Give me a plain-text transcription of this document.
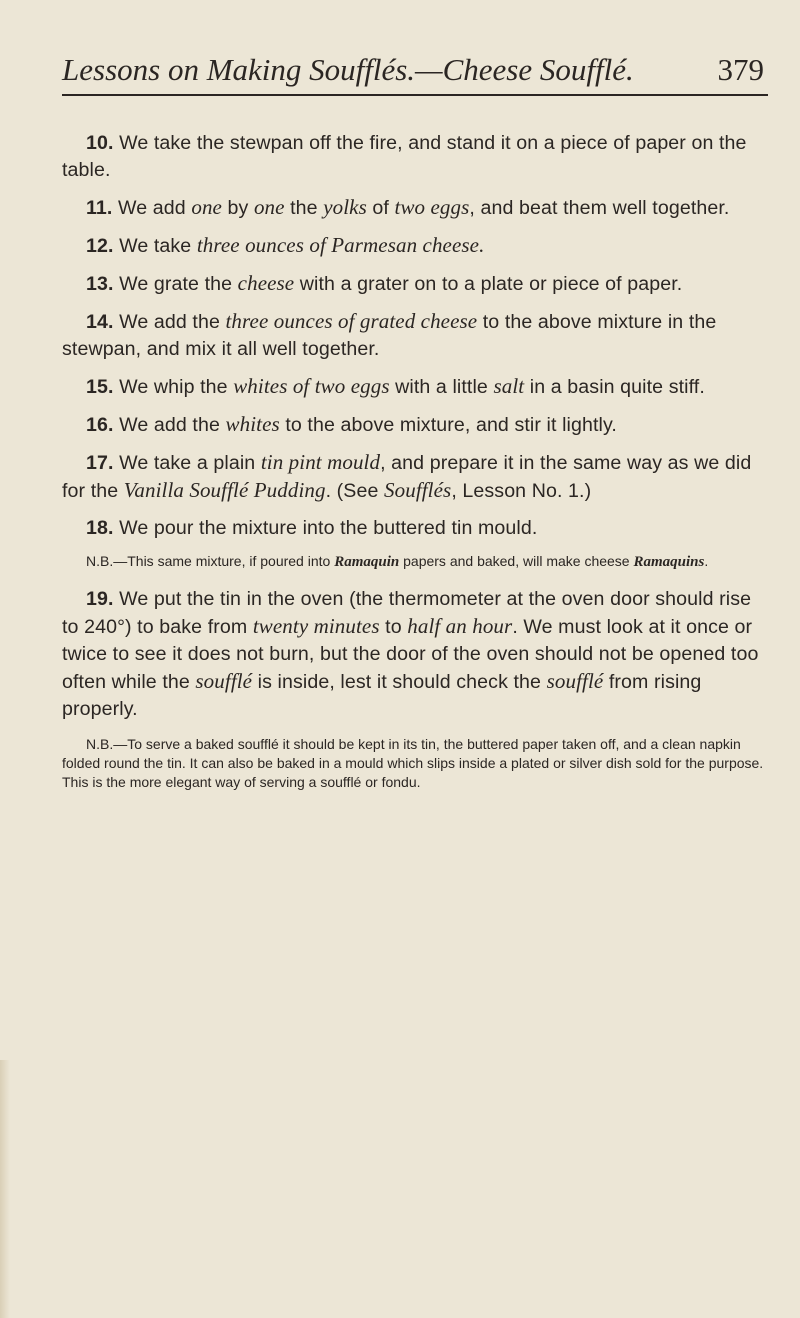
Lessons on Making Soufflés.—Cheese Soufflé.	379

10. We take the stewpan off the fire, and stand it on a piece of paper on the table.

11. We add one by one the yolks of two eggs, and beat them well together.

12. We take three ounces of Parmesan cheese.

13. We grate the cheese with a grater on to a plate or piece of paper.

14. We add the three ounces of grated cheese to the above mixture in the stewpan, and mix it all well together.

15. We whip the whites of two eggs with a little salt in a basin quite stiff.

16. We add the whites to the above mixture, and stir it lightly.

17. We take a plain tin pint mould, and prepare it in the same way as we did for the Vanilla Soufflé Pudding. (See Soufflés, Lesson No. 1.)

18. We pour the mixture into the buttered tin mould.

N.B.—This same mixture, if poured into Ramaquin papers and baked, will make cheese Ramaquins.

19. We put the tin in the oven (the thermometer at the oven door should rise to 240°) to bake from twenty minutes to half an hour. We must look at it once or twice to see it does not burn, but the door of the oven should not be opened too often while the soufflé is inside, lest it should check the soufflé from rising properly.

N.B.—To serve a baked soufflé it should be kept in its tin, the buttered paper taken off, and a clean napkin folded round the tin. It can also be baked in a mould which slips inside a plated or silver dish sold for the purpose. This is the more elegant way of serving a soufflé or fondu.
